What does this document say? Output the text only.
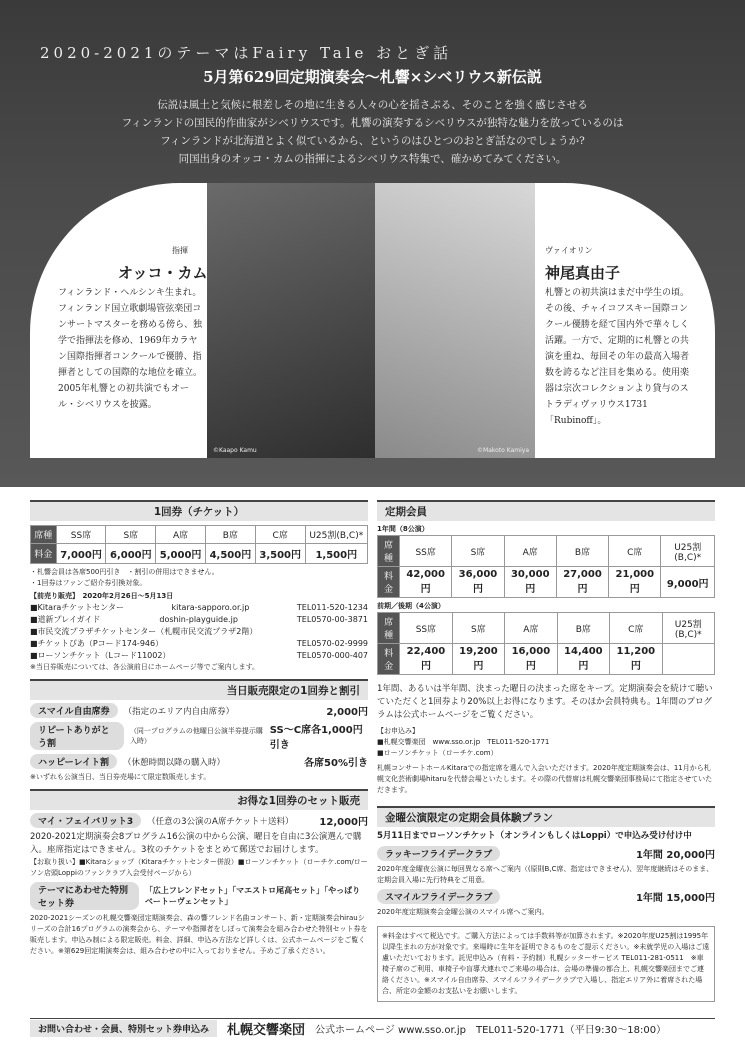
2020-2021のテーマはFairy Tale おとぎ話
5月第629回定期演奏会～札響×シベリウス新伝説
伝説は風土と気候に根差しその地に生きる人々の心を揺さぶる、そのことを強く感じさせる
フィンランドの国民的作曲家がシベリウスです。札響の演奏するシベリウスが独特な魅力を放っているのは
フィンランドが北海道とよく似ているから、というのはひとつのおとぎ話なのでしょうか?
同国出身のオッコ・カムの指揮によるシベリウス特集で、確かめてみてください。
©Kaapo Kamu	©Makoto Kamiya
指揮
オッコ・カム
フィンランド・ヘルシンキ生まれ。フィンランド国立歌劇場管弦楽団コンサートマスターを務める傍ら、独学で指揮法を修め、1969年カラヤン国際指揮者コンクールで優勝、指揮者としての国際的な地位を確立。2005年札響との初共演でもオール・シベリウスを披露。
ヴァイオリン
神尾真由子
札響との初共演はまだ中学生の頃。その後、チャイコフスキー国際コンクール優勝を経て国内外で華々しく活躍。一方で、定期的に札響との共演を重ね、毎回その年の最高入場者数を誇るなど注目を集める。使用楽器は宗次コレクションより貸与のストラディヴァリウス1731「Rubinoff」。
1回券（チケット）
席種	SS席	S席	A席	B席	C席	U25割(B,C)*
料金	7,000円	6,000円	5,000円	4,500円	3,500円	1,500円
・札響会員は各席500円引き　・割引の併用はできません。
・1回券はファンご紹介券引換対象。
【前売り販売】　2020年2月26日～5月13日
■Kitaraチケットセンター	kitara-sapporo.or.jp	TEL011-520-1234
■道新プレイガイド	doshin-playguide.jp	TEL0570-00-3871
■市民交流プラザチケットセンター（札幌市民交流プラザ2階）
■チケットぴあ（Pコード174-946）	TEL0570-02-9999
■ローソンチケット（Lコード11002）	TEL0570-000-407
※当日券販売については、各公演前日にホームページ等でご案内します。
当日販売限定の1回券と割引
スマイル自由席券	（指定のエリア内自由席券）	2,000円
リピートありがとう割
（同一プログラムの他曜日公演半券提示購入時）
SS～C席各1,000円引き
ハッピーレイト割	（休憩時間以降の購入時）	各席50%引き
※いずれも公演当日、当日券売場にて限定数販売します。
お得な1回券のセット販売
マイ・フェイバリット3	（任意の3公演のA席チケット＋送料）	12,000円
2020-2021定期演奏会8プログラム16公演の中から公演、曜日を自由に3公演選んで購入。座席指定はできません。3枚のチケットをまとめて郵送でお届けします。
【お取り扱い】■Kitaraショップ（Kitaraチケットセンター併設）■ローソンチケット（ローチケ.com/ローソン店頭Loppiのファンクラブ入会受付ページから）
テーマにあわせた特別セット券
「広上フレンドセット」「マエストロ尾高セット」「やっぱりベートーヴェンセット」
2020-2021シーズンの札幌交響楽団定期演奏会、森の響フレンド名曲コンサート、新・定期演奏会hirauシリーズの合計16プログラムの演奏会から、テーマや指揮者をしぼって演奏会を組み合わせた特別セット券を販売します。申込み制による限定販売。料金、詳細、申込み方法など詳しくは、公式ホームページをご覧ください。※第629回定期演奏会は、組み合わせの中に入っておりません。予めご了承ください。
定期会員
1年間（8公演）
席種	SS席	S席	A席	B席	C席	U25割(B,C)*
料金	42,000円	36,000円	30,000円	27,000円	21,000円	9,000円
前期／後期（4公演）
席種	SS席	S席	A席	B席	C席	U25割(B,C)*
料金	22,400円	19,200円	16,000円	14,400円	11,200円	
1年間、あるいは半年間、決まった曜日の決まった席をキープ。定期演奏会を続けて聴いていただくと1回券より20%以上お得になります。そのほか会員特典も。1年間のプログラムは公式ホームページをご覧ください。
【お申込み】
■札幌交響楽団　www.sso.or.jp　TEL011-520-1771
■ローソンチケット（ローチケ.com）
札幌コンサートホールKitaraでの指定席を選んで入会いただけます。2020年度定期演奏会は、11月から札幌文化芸術劇場hitaruを代替会場といたします。その際の代替席は札幌交響楽団事務局にて指定させていただきます。
金曜公演限定の定期会員体験プラン
5月11日までローソンチケット（オンラインもしくはLoppi）で申込み受け付け中
ラッキーフライデークラブ	1年間 20,000円
2020年度金曜夜公演に毎回異なる席へご案内（(原則B,C席、指定はできません)、翌年度継続はそのまま、定期会員入場に先行特典をご用意。
スマイルフライデークラブ	1年間 15,000円
2020年度定期演奏会金曜公演のスマイル席へご案内。
※料金はすべて税込です。ご購入方法によっては手数料等が加算されます。※2020年度U25割は1995年以降生まれの方が対象です。来場時に生年を証明できるものをご提示ください。※未就学児の入場はご遠慮いただいております。託児申込み（有料・予約制）札幌シッターサービス TEL011-281-0511　※車椅子席のご利用、車椅子や盲導犬連れでご来場の場合は、会場の準備の都合上、札幌交響楽団までご連絡ください。※スマイル自由席券、スマイルフライデークラブで入場し、指定エリア外に着席された場合、所定の金額のお支払いをお願いします。
お問い合わせ・会員、特別セット券申込み	札幌交響楽団 公式ホームページ www.sso.or.jp TEL011-520-1771（平日9:30～18:00）
